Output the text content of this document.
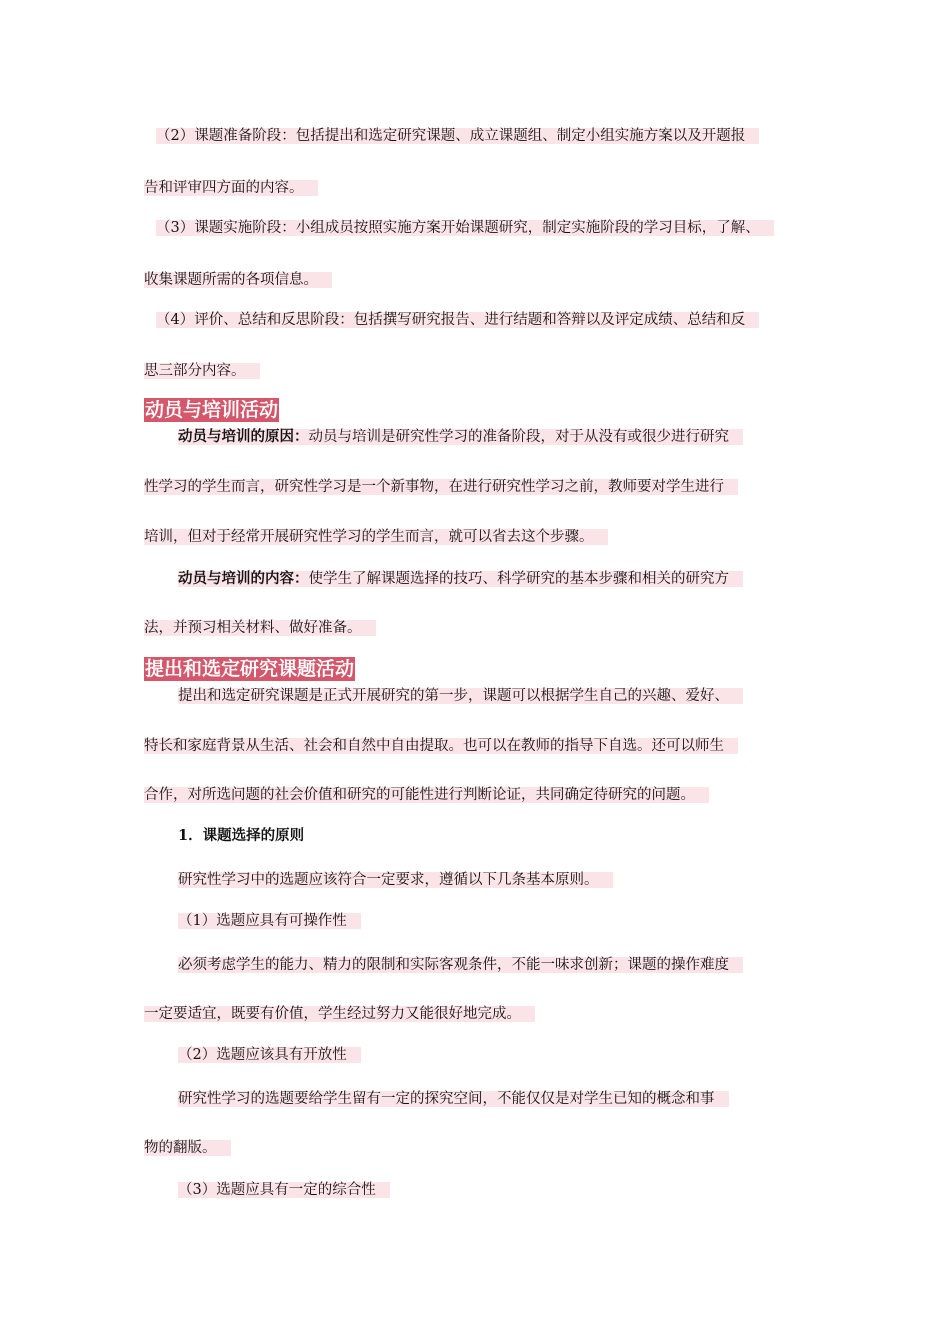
（2）课题准备阶段：包括提出和选定研究课题、成立课题组、制定小组实施方案以及开题报
告和评审四方面的内容。
（3）课题实施阶段：小组成员按照实施方案开始课题研究，制定实施阶段的学习目标，了解、
收集课题所需的各项信息。
（4）评价、总结和反思阶段：包括撰写研究报告、进行结题和答辩以及评定成绩、总结和反
思三部分内容。
动员与培训活动
动员与培训的原因：动员与培训是研究性学习的准备阶段，对于从没有或很少进行研究
性学习的学生而言，研究性学习是一个新事物，在进行研究性学习之前，教师要对学生进行
培训，但对于经常开展研究性学习的学生而言，就可以省去这个步骤。
动员与培训的内容：使学生了解课题选择的技巧、科学研究的基本步骤和相关的研究方
法，并预习相关材料、做好准备。
提出和选定研究课题活动
提出和选定研究课题是正式开展研究的第一步，课题可以根据学生自己的兴趣、爱好、
特长和家庭背景从生活、社会和自然中自由提取。也可以在教师的指导下自选。还可以师生
合作，对所选问题的社会价值和研究的可能性进行判断论证，共同确定待研究的问题。
1．课题选择的原则
研究性学习中的选题应该符合一定要求，遵循以下几条基本原则。
（1）选题应具有可操作性
必须考虑学生的能力、精力的限制和实际客观条件，不能一味求创新；课题的操作难度
一定要适宜，既要有价值，学生经过努力又能很好地完成。
（2）选题应该具有开放性
研究性学习的选题要给学生留有一定的探究空间，不能仅仅是对学生已知的概念和事
物的翻版。
（3）选题应具有一定的综合性
